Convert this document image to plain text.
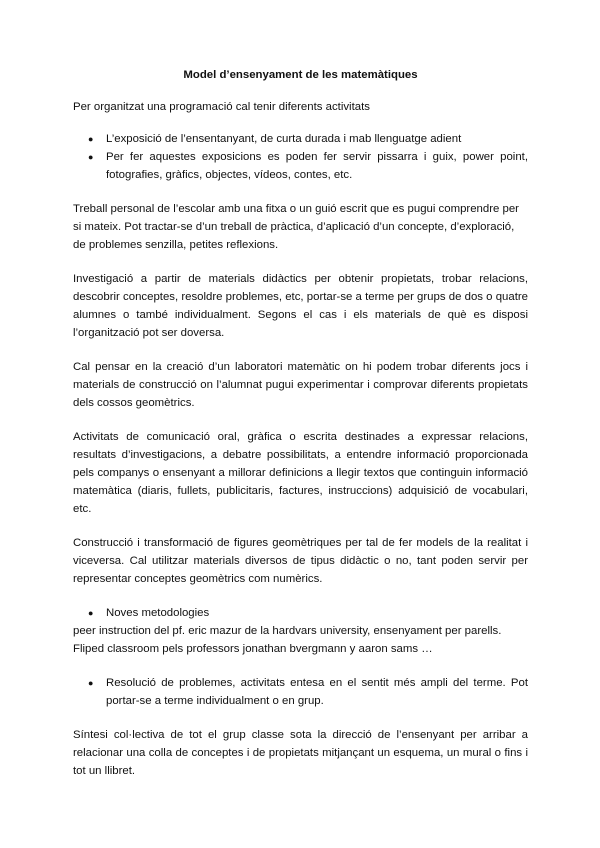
Model d’ensenyament de les matemàtiques

Per organitzat una programació cal tenir diferents activitats

● L’exposició de l’ensentanyant, de curta durada i mab llenguatge adient
● Per fer aquestes exposicions es poden fer servir pissarra i guix, power point, fotografies, gràfics, objectes, vídeos, contes, etc.

Treball personal de l’escolar amb una fitxa o un guió escrit que es pugui comprendre per si mateix. Pot tractar-se d’un treball de pràctica, d’aplicació d’un concepte, d’exploració, de problemes senzilla, petites reflexions.

Investigació a partir de materials didàctics per obtenir propietats, trobar relacions, descobrir conceptes, resoldre problemes, etc, portar-se a terme per grups de dos o quatre alumnes o també individualment. Segons el cas i els materials de què es disposi l’organització pot ser doversa.

Cal pensar en la creació d’un laboratori matemàtic on hi podem trobar diferents jocs i materials de construcció on l’alumnat pugui experimentar i comprovar diferents propietats dels cossos geomètrics.

Activitats de comunicació oral, gràfica o escrita destinades a expressar relacions, resultats d’investigacions, a debatre possibilitats, a entendre informació proporcionada pels companys o ensenyant a millorar definicions a llegir textos que continguin informació matemàtica (diaris, fullets, publicitaris, factures, instruccions) adquisició de vocabulari, etc.

Construcció i transformació de figures geomètriques per tal de fer models de la realitat i viceversa. Cal utilitzar materials diversos de tipus didàctic o no, tant poden servir per representar conceptes geomètrics com numèrics.

● Noves metodologies

peer instruction del pf. eric mazur de la hardvars university, ensenyament per parells.

Fliped classroom pels professors jonathan bvergmann y aaron sams …

● Resolució de problemes, activitats entesa en el sentit més ampli del terme. Pot portar-se a terme individualment o en grup.

Síntesi col·lectiva de tot el grup classe sota la direcció de l’ensenyant per arribar a relacionar una colla de conceptes i de propietats mitjançant un esquema, un mural o fins i tot un llibret.
